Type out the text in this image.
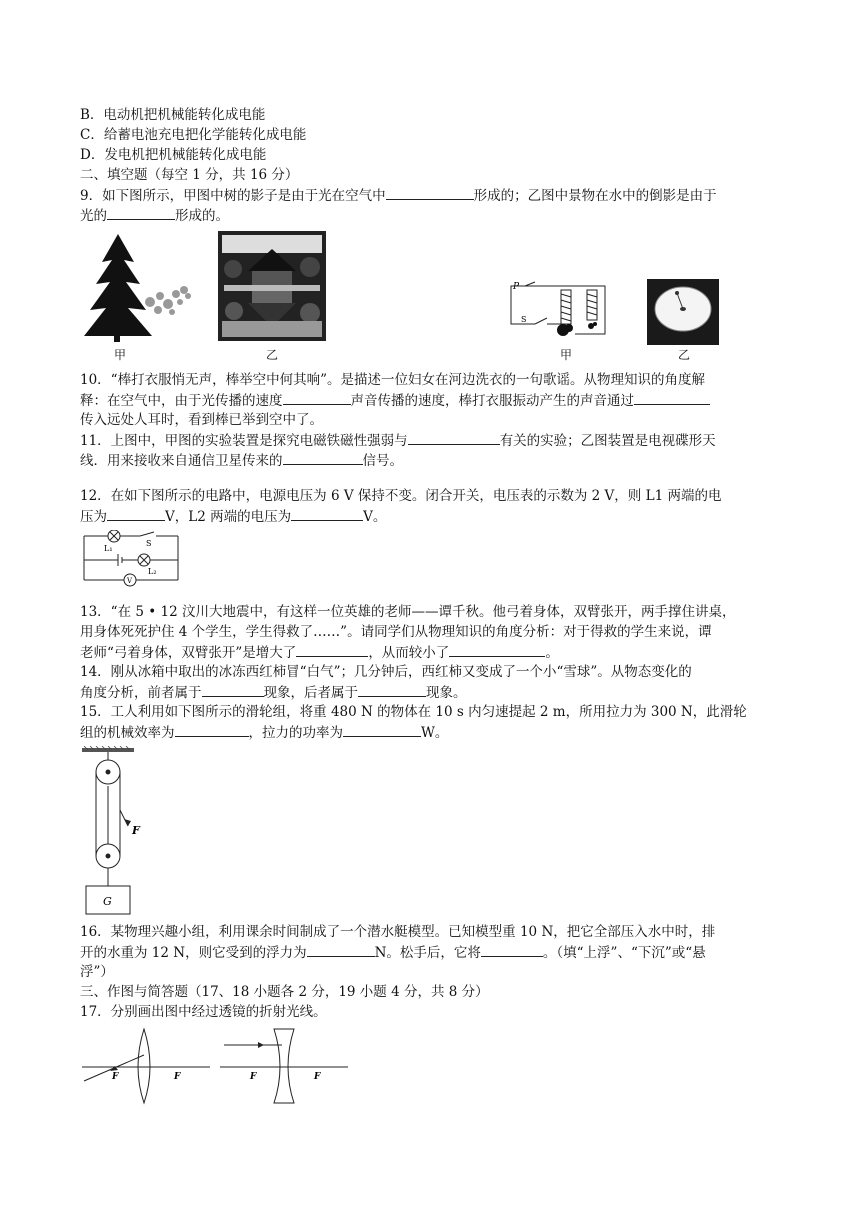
B．电动机把机械能转化成电能
C．给蓄电池充电把化学能转化成电能
D．发电机把机械能转化成电能
二、填空题（每空 1 分，共 16 分）
9．如下图所示，甲图中树的影子是由于光在空气中	形成的；乙图中景物在水中的倒影是由于
光的	形成的。
甲	乙
P
S
甲	乙
10．“棒打衣服悄无声，棒举空中何其响”。是描述一位妇女在河边洗衣的一句歌谣。从物理知识的角度解
释：在空气中，由于光传播的速度	声音传播的速度，棒打衣服振动产生的声音通过
传入远处人耳时，看到棒已举到空中了。
11．上图中，甲图的实验装置是探究电磁铁磁性强弱与	有关的实验；乙图装置是电视碟形天
线．用来接收来自通信卫星传来的	信号。
12．在如下图所示的电路中，电源电压为 6 V 保持不变。闭合开关，电压表的示数为 2 V，则 L1 两端的电
压为	V，L2 两端的电压为	V。
L₁
S
L₂
V
13．“在 5 • 12 汶川大地震中，有这样一位英雄的老师——谭千秋。他弓着身体，双臂张开，两手撑住讲桌，
用身体死死护住 4 个学生，学生得救了……”。请同学们从物理知识的角度分析：对于得救的学生来说，谭
老师“弓着身体，双臂张开”是增大了	，从而较小了	。
14．刚从冰箱中取出的冰冻西红柿冒“白气”；几分钟后，西红柿又变成了一个小“雪球”。从物态变化的
角度分析，前者属于	现象，后者属于	现象。
15．工人利用如下图所示的滑轮组，将重 480 N 的物体在 10 s 内匀速提起 2 m，所用拉力为 300 N，此滑轮
组的机械效率为	，拉力的功率为	W。
F
G
16．某物理兴趣小组，利用课余时间制成了一个潜水艇模型。已知模型重 10 N，把它全部压入水中时，排
开的水重为 12 N，则它受到的浮力为	N。松手后，它将	。（填“上浮”、“下沉”或“悬
浮”）
三、作图与简答题（17、18 小题各 2 分，19 小题 4 分，共 8 分）
17．分别画出图中经过透镜的折射光线。
F	F	F	F
